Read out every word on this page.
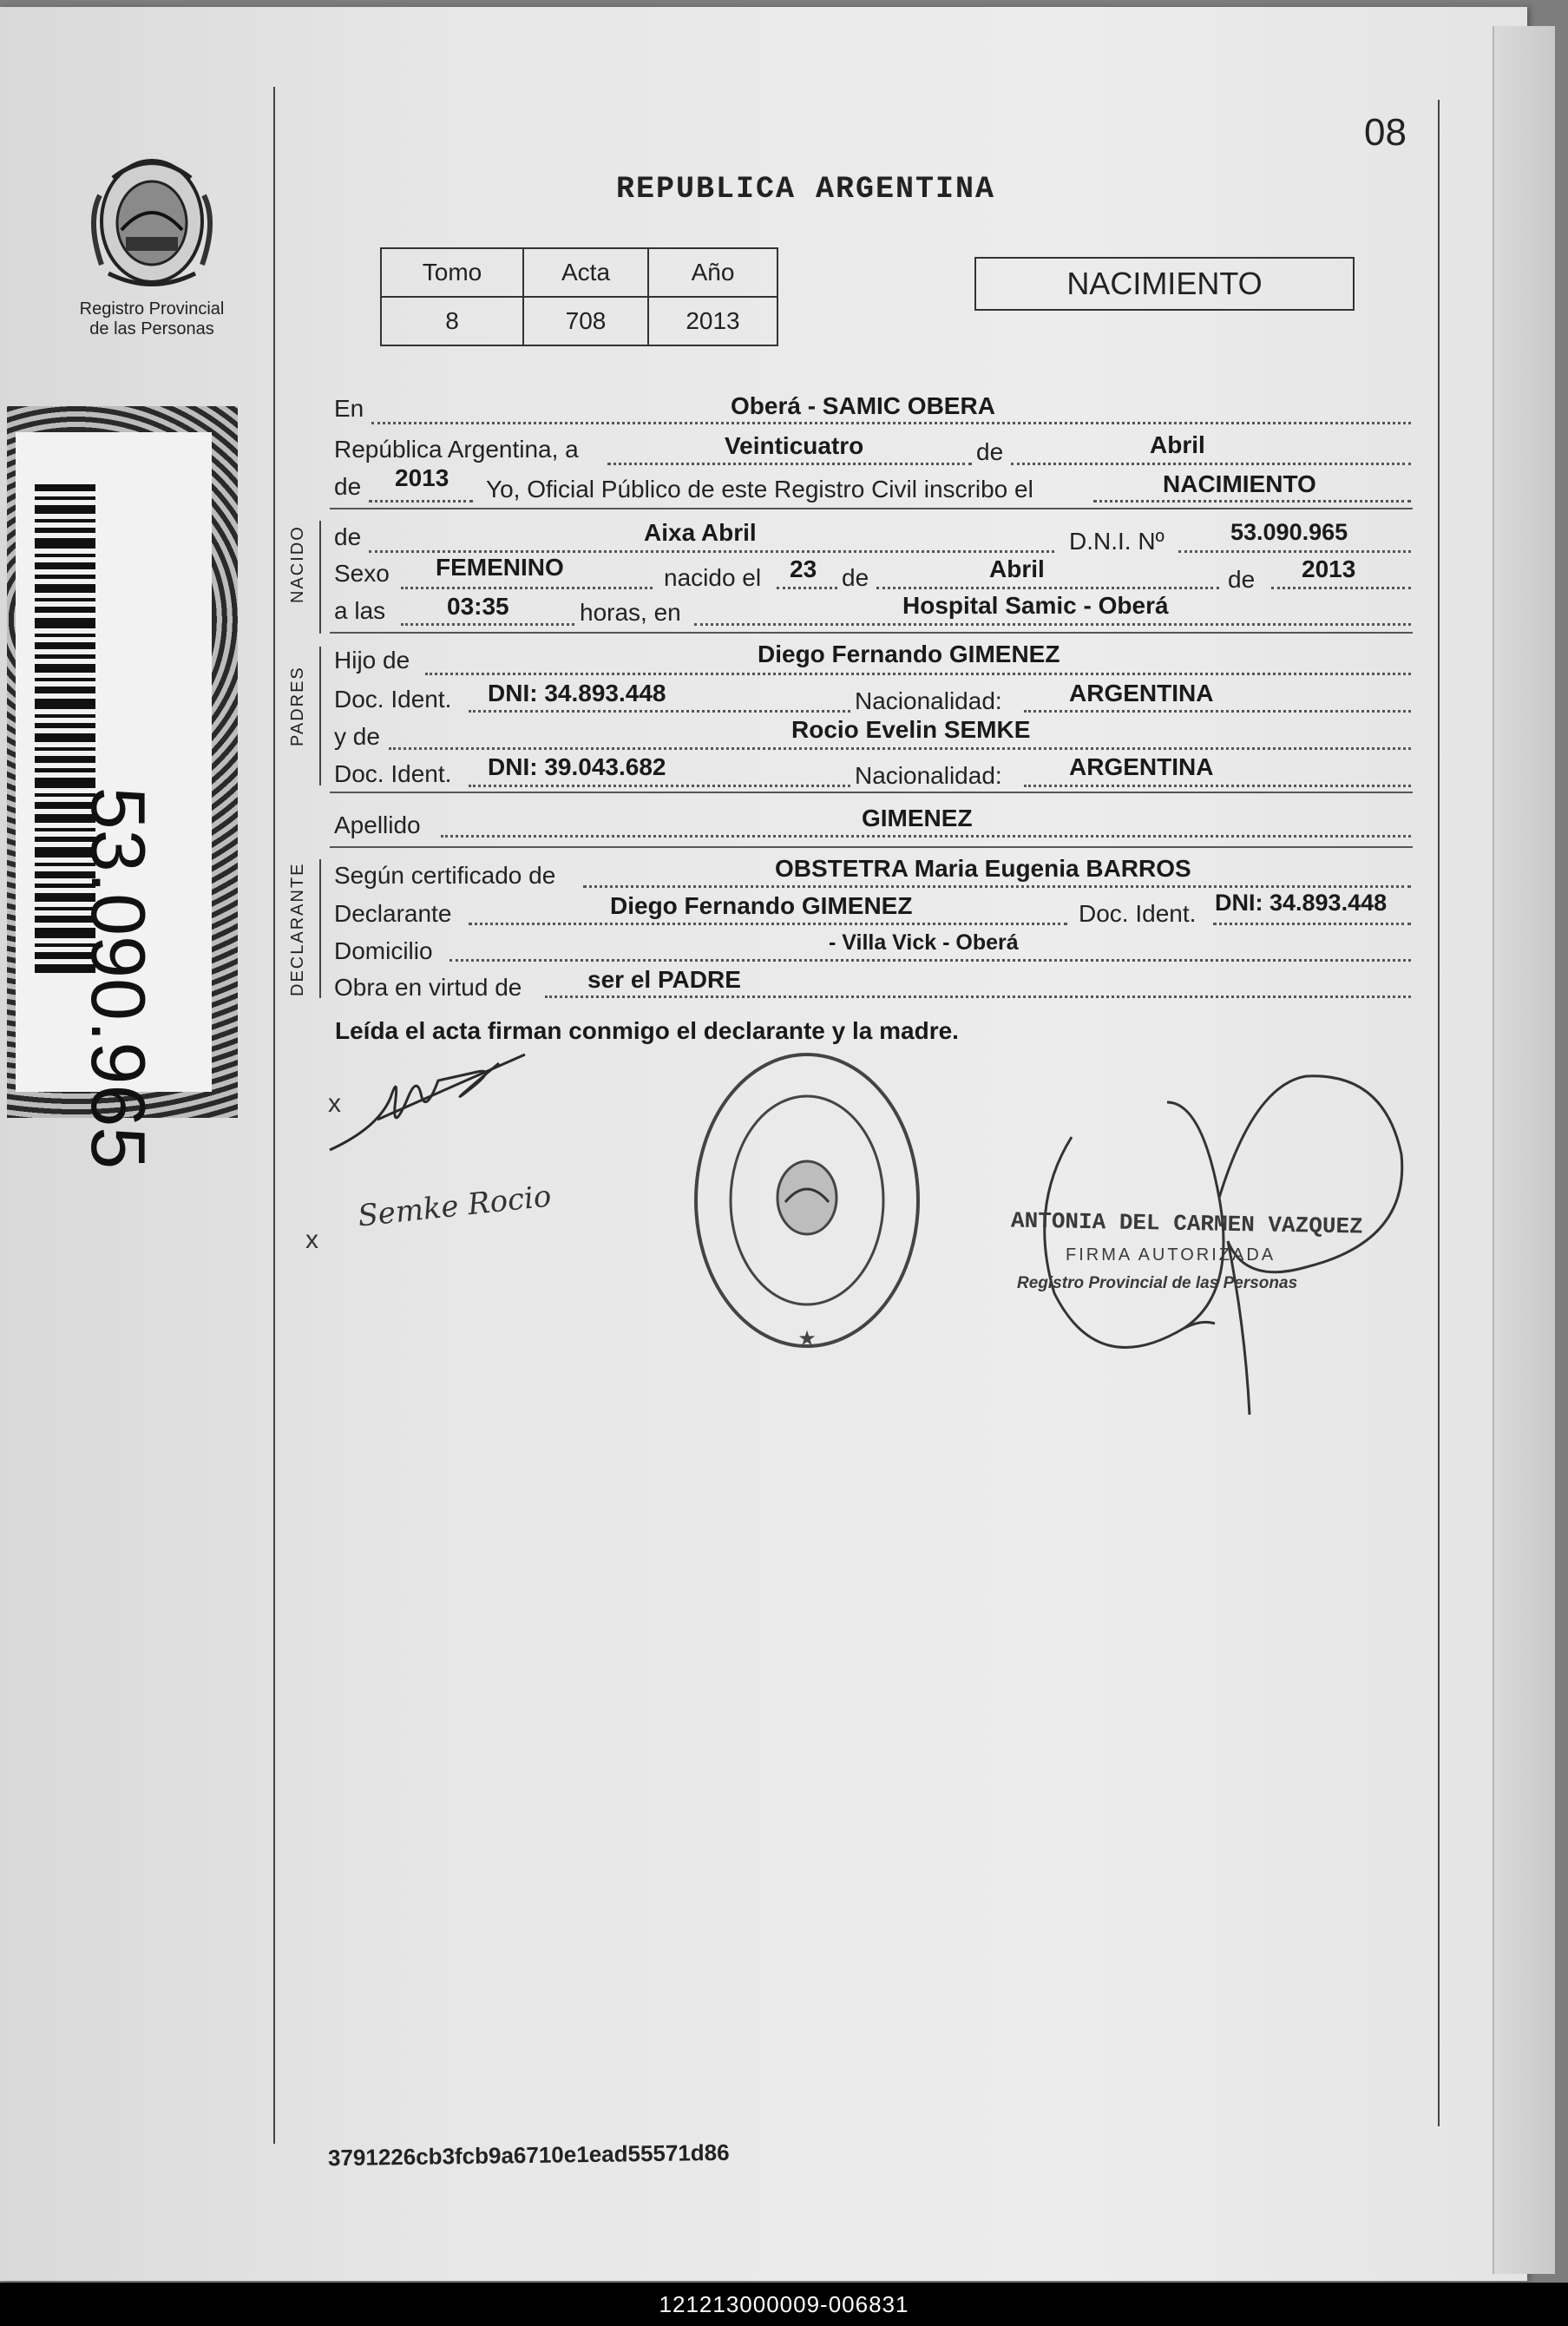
Registro Provincial
de las Personas
53.090.965
08
REPUBLICA ARGENTINA
Tomo	Acta	Año
8	708	2013
NACIMIENTO
En	Oberá - SAMIC OBERA
República Argentina, a	Veinticuatro	de	Abril
de 2013 Yo, Oficial Público de este Registro Civil inscribo el	NACIMIENTO
NACIDO de	Aixa Abril	D.N.I. Nº	53.090.965
Sexo FEMENINO	nacido el 23 de	Abril	de 2013
a las	03:35	horas, en	Hospital Samic - Oberá
PADRES
Hijo de	Diego Fernando GIMENEZ
Doc. Ident. DNI: 34.893.448	Nacionalidad:	ARGENTINA
y de	Rocio Evelin SEMKE
Doc. Ident. DNI: 39.043.682	Nacionalidad:	ARGENTINA
Apellido	GIMENEZ
DECLARANTE Según certificado de	OBSTETRA Maria Eugenia BARROS
Declarante	Diego Fernando GIMENEZ	Doc. Ident. DNI: 34.893.448
Domicilio	- Villa Vick - Oberá
Obra en virtud de	ser el PADRE
Leída el acta firman conmigo el declarante y la madre.
x
x
Semke Rocio
★
ANTONIA DEL CARMEN VAZQUEZ
FIRMA AUTORIZADA
Registro Provincial de las Personas
3791226cb3fcb9a6710e1ead55571d86
121213000009-006831
